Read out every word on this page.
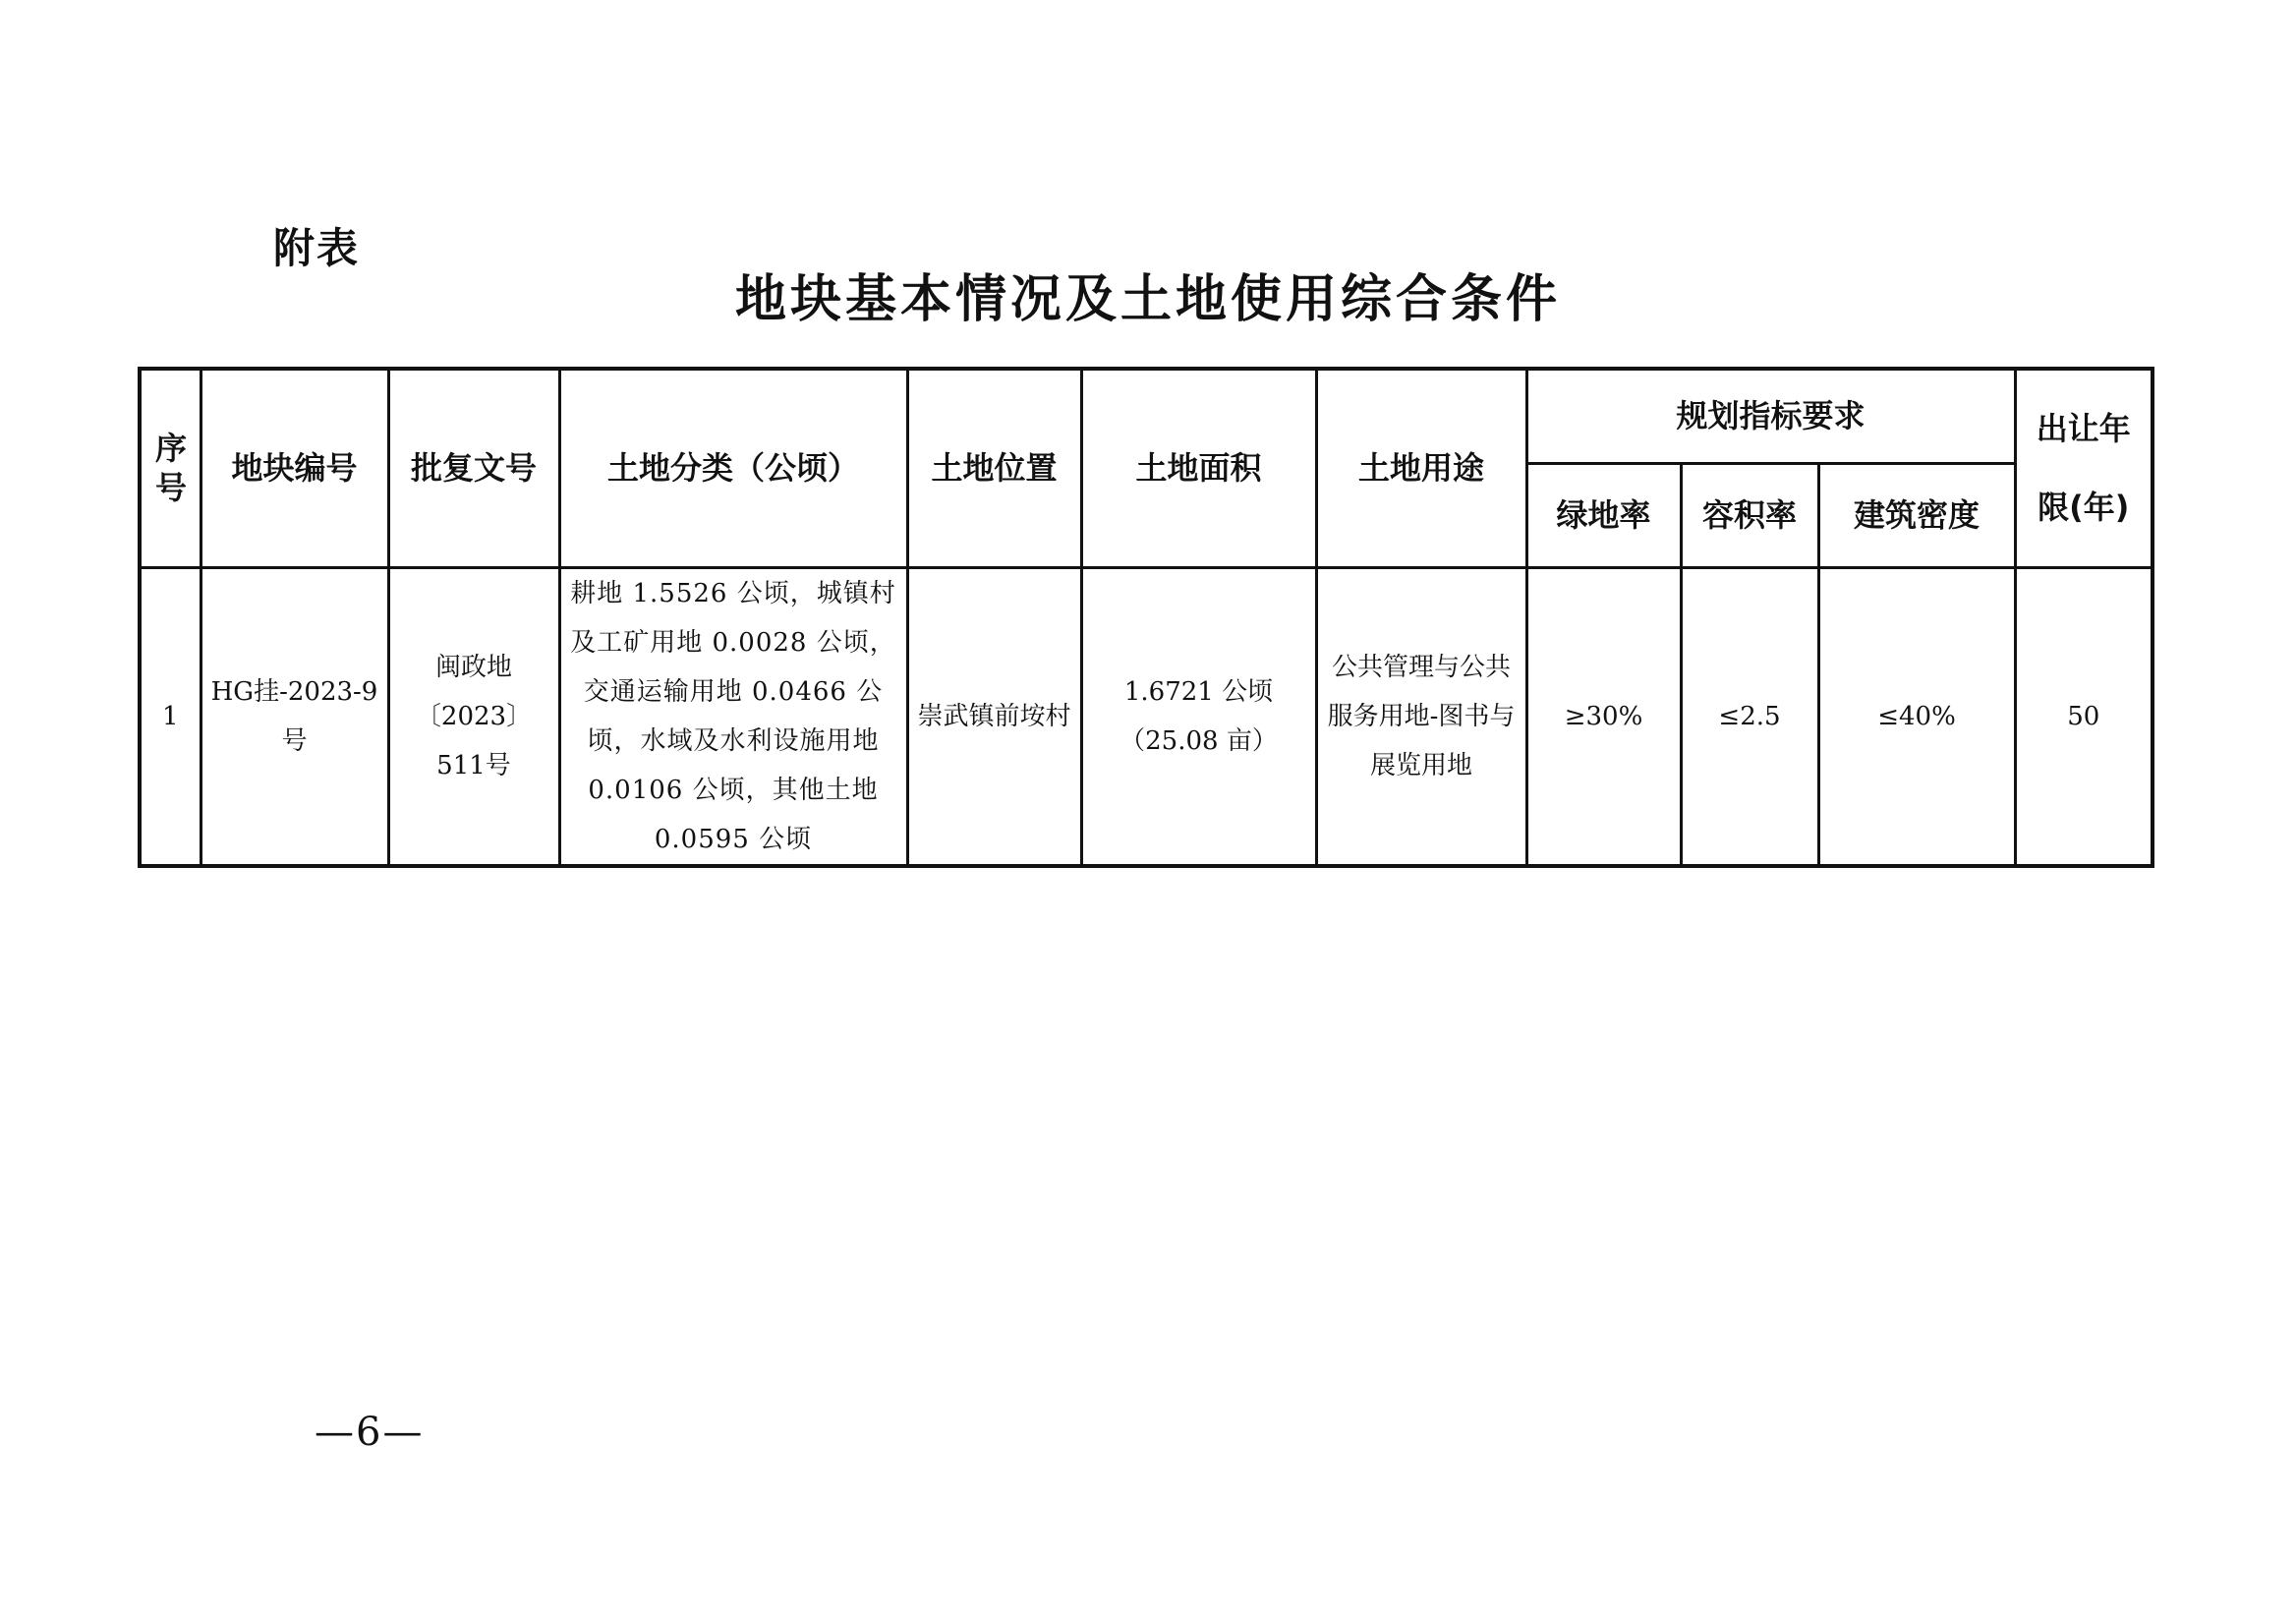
附表
地块基本情况及土地使用综合条件
序号	地块编号	批复文号	土地分类（公顷）	土地位置	土地面积	土地用途	规划指标要求			出让年限(年)
							绿地率	容积率	建筑密度	
1	HG挂-2023-9号	闽政地〔2023〕511号	耕地 1.5526 公顷，城镇村及工矿用地 0.0028 公顷，交通运输用地 0.0466 公顷，水域及水利设施用地 0.0106 公顷，其他土地 0.0595 公顷	崇武镇前垵村	1.6721 公顷（25.08 亩）	公共管理与公共服务用地-图书与展览用地	≥30%	≤2.5	≤40%	50
—6—
